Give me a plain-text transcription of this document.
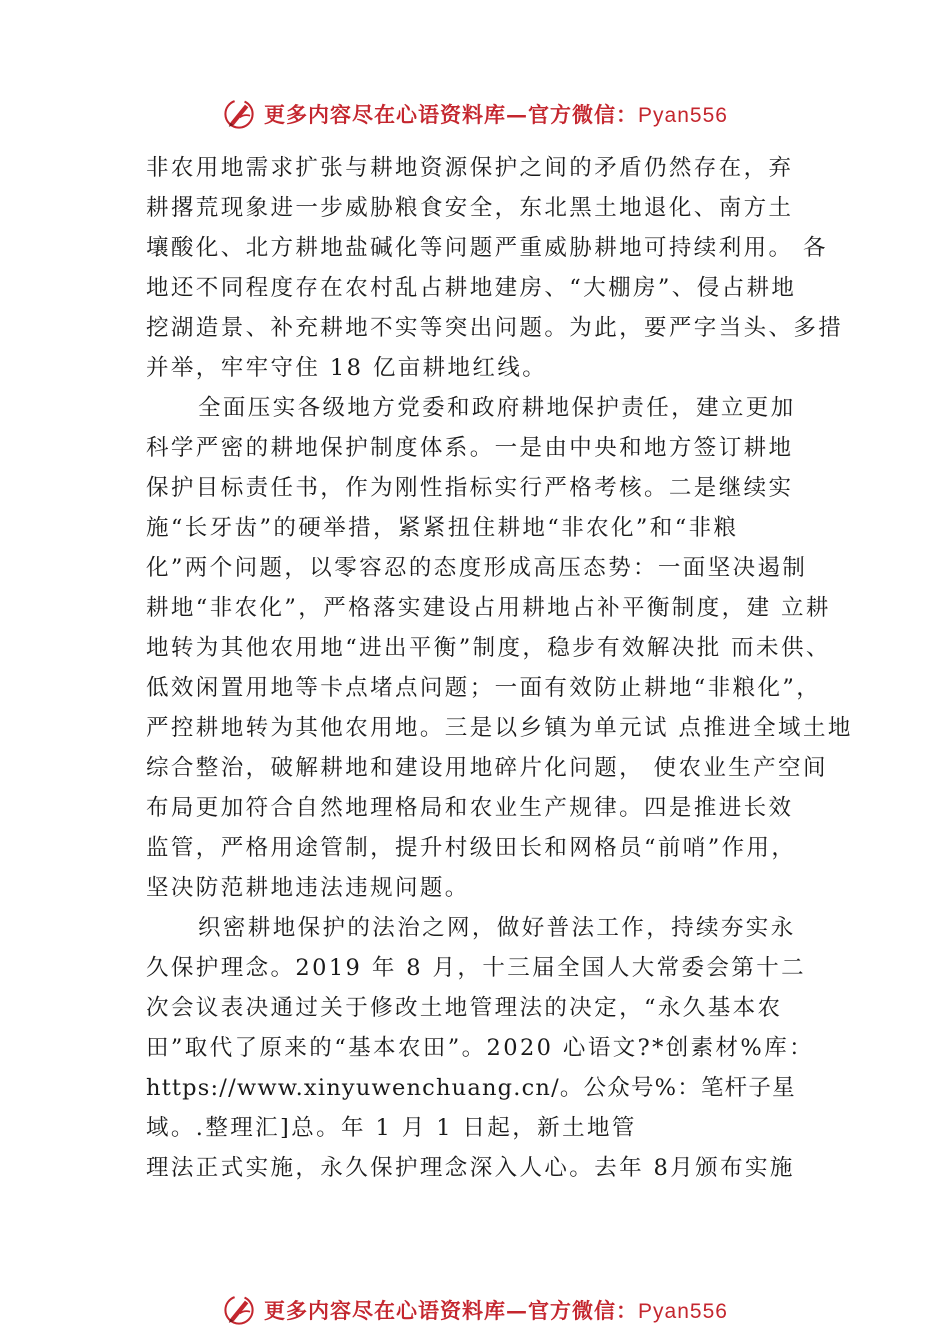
更多内容尽在心语资料库—官方微信：Pyan556
非农用地需求扩张与耕地资源保护之间的矛盾仍然存在，弃
耕撂荒现象进一步威胁粮食安全，东北黑土地退化、南方土
壤酸化、北方耕地盐碱化等问题严重威胁耕地可持续利用。 各
地还不同程度存在农村乱占耕地建房、“大棚房”、侵占耕地
挖湖造景、补充耕地不实等突出问题。为此，要严字当头、多措
并举，牢牢守住 18 亿亩耕地红线。
全面压实各级地方党委和政府耕地保护责任，建立更加
科学严密的耕地保护制度体系。一是由中央和地方签订耕地
保护目标责任书，作为刚性指标实行严格考核。二是继续实
施“长牙齿”的硬举措，紧紧扭住耕地“非农化”和“非粮
化”两个问题，以零容忍的态度形成高压态势：一面坚决遏制
耕地“非农化”，严格落实建设占用耕地占补平衡制度，建 立耕
地转为其他农用地“进出平衡”制度，稳步有效解决批 而未供、
低效闲置用地等卡点堵点问题；一面有效防止耕地“非粮化”，
严控耕地转为其他农用地。三是以乡镇为单元试 点推进全域土地
综合整治，破解耕地和建设用地碎片化问题， 使农业生产空间
布局更加符合自然地理格局和农业生产规律。四是推进长效
监管，严格用途管制，提升村级田长和网格员“前哨”作用，
坚决防范耕地违法违规问题。
织密耕地保护的法治之网，做好普法工作，持续夯实永
久保护理念。2019 年 8 月，十三届全国人大常委会第十二
次会议表决通过关于修改土地管理法的决定，“永久基本农
田”取代了原来的“基本农田”。2020 心语文?*创素材%库：
https://www.xinyuwenchuang.cn/。公众号%：笔杆子星
域。.整理汇]总。年 1 月 1 日起，新土地管
理法正式实施，永久保护理念深入人心。去年 8月颁布实施
更多内容尽在心语资料库—官方微信：Pyan556
